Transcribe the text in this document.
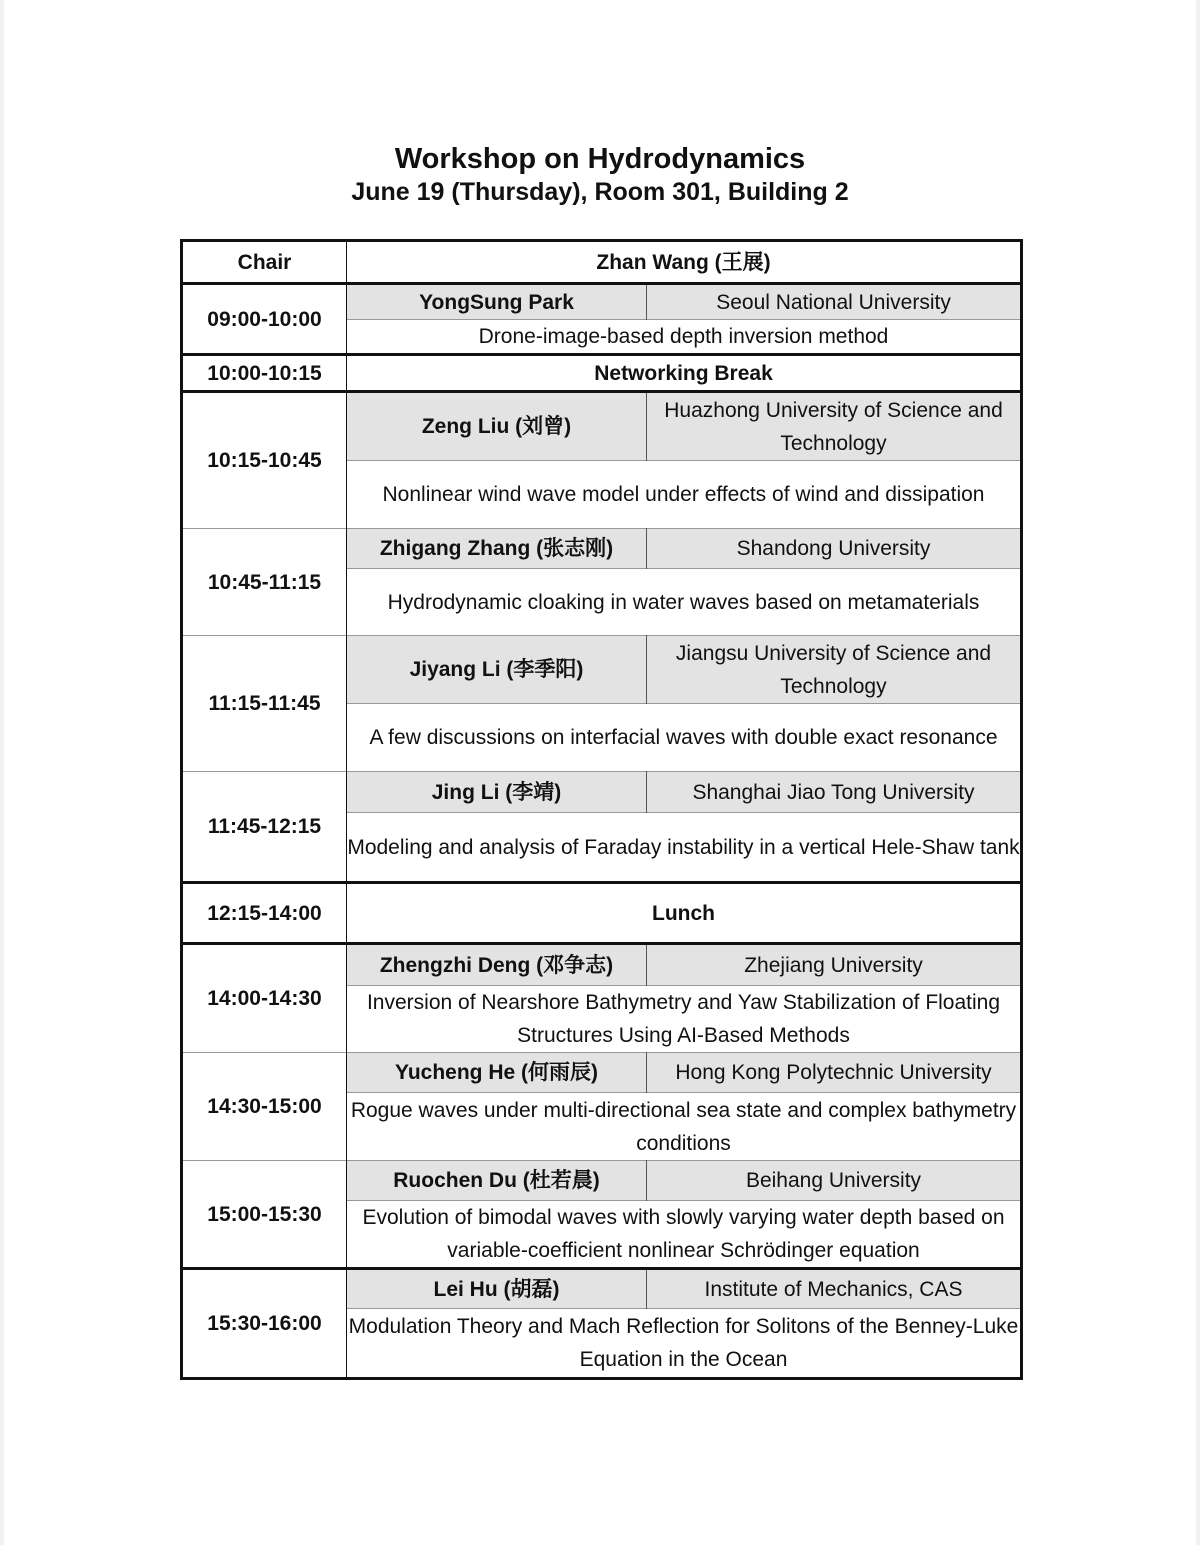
Workshop on Hydrodynamics
June 19 (Thursday), Room 301, Building 2
Chair	Zhan Wang (王展)	
09:00-10:00	YongSung Park	Seoul National University
	Drone-image-based depth inversion method	
10:00-10:15	Networking Break	
10:15-10:45	Zeng Liu (刘曾)	Huazhong University of Science and Technology
	Nonlinear wind wave model under effects of wind and dissipation	
10:45-11:15	Zhigang Zhang (张志刚)	Shandong University
	Hydrodynamic cloaking in water waves based on metamaterials	
11:15-11:45	Jiyang Li (李季阳)	Jiangsu University of Science and Technology
	A few discussions on interfacial waves with double exact resonance	
11:45-12:15	Jing Li (李靖)	Shanghai Jiao Tong University
	Modeling and analysis of Faraday instability in a vertical Hele-Shaw tank	
12:15-14:00	Lunch	
14:00-14:30	Zhengzhi Deng (邓争志)	Zhejiang University
	Inversion of Nearshore Bathymetry and Yaw Stabilization of Floating Structures Using AI-Based Methods	
14:30-15:00	Yucheng He (何雨辰)	Hong Kong Polytechnic University
	Rogue waves under multi-directional sea state and complex bathymetry conditions	
15:00-15:30	Ruochen Du (杜若晨)	Beihang University
	Evolution of bimodal waves with slowly varying water depth based on variable-coefficient nonlinear Schrödinger equation	
15:30-16:00	Lei Hu (胡磊)	Institute of Mechanics, CAS
	Modulation Theory and Mach Reflection for Solitons of the Benney-Luke Equation in the Ocean	
